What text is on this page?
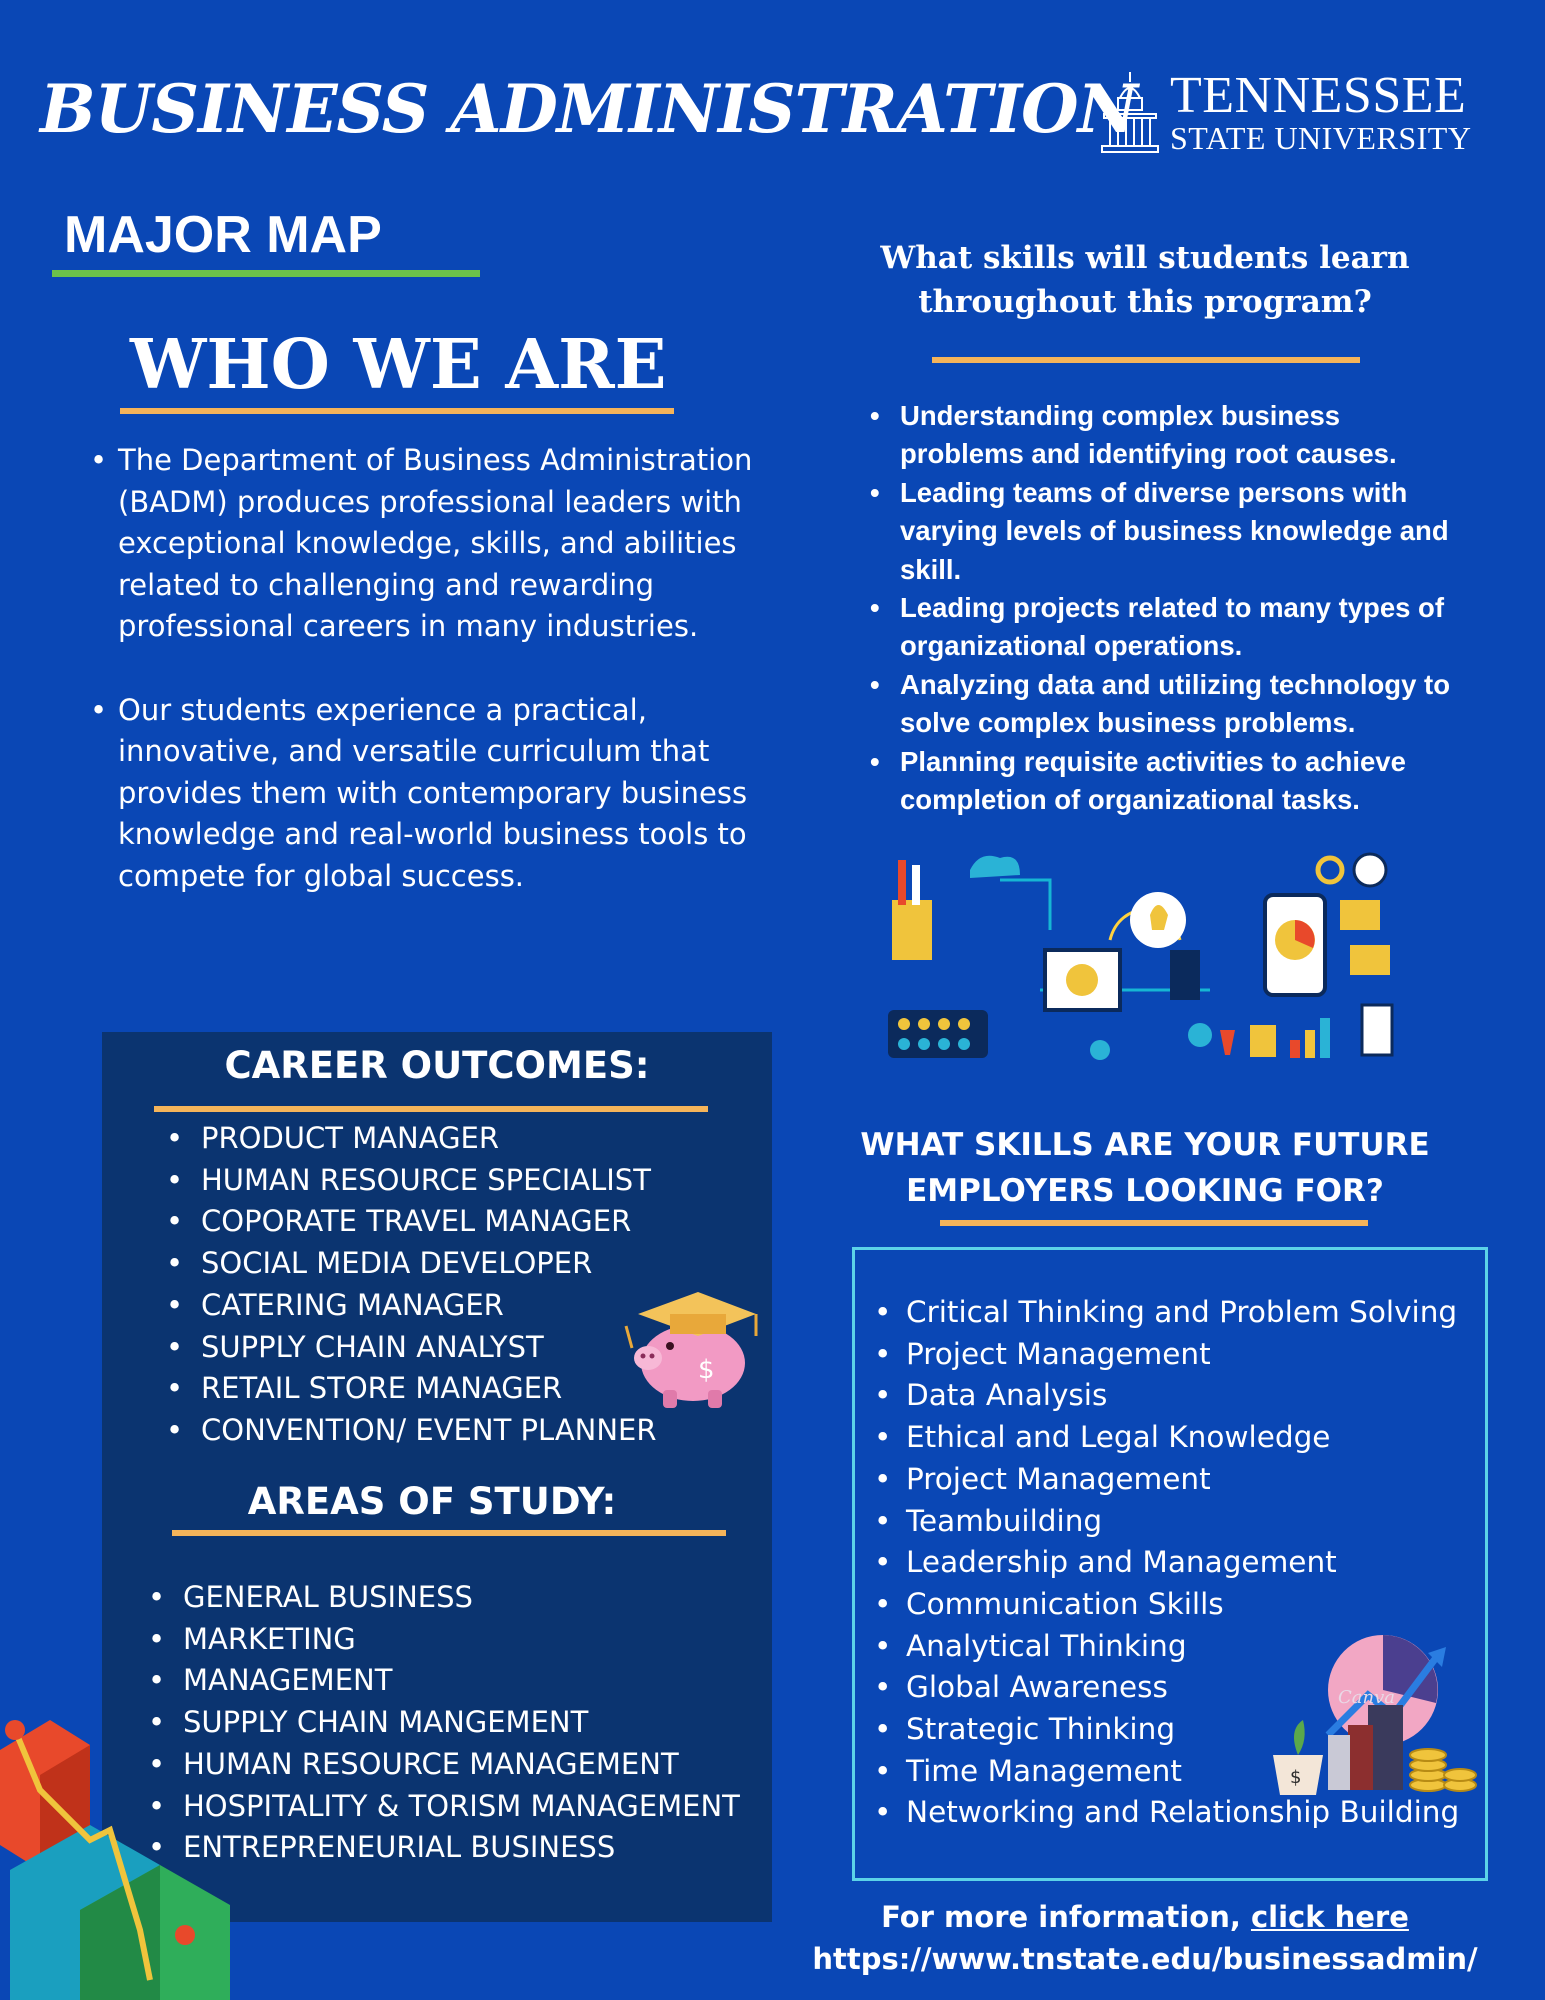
BUSINESS ADMINISTRATION TENNESSEE
STATE UNIVERSITY
MAJOR MAP
WHO WE ARE
• The Department of Business Administration (BADM) produces professional leaders with exceptional knowledge, skills, and abilities related to challenging and rewarding professional careers in many industries.
• Our students experience a practical, innovative, and versatile curriculum that provides them with contemporary business knowledge and real-world business tools to compete for global success.
What skills will students learn
throughout this program?
• Understanding complex business problems and identifying root causes.
• Leading teams of diverse persons with varying levels of business knowledge and skill.
• Leading projects related to many types of organizational operations.
• Analyzing data and utilizing technology to solve complex business problems.
• Planning requisite activities to achieve completion of organizational tasks.
WHAT SKILLS ARE YOUR FUTURE
EMPLOYERS LOOKING FOR?
• Critical Thinking and Problem Solving
• Project Management
• Data Analysis
• Ethical and Legal Knowledge
• Project Management
• Teambuilding
• Leadership and Management
• Communication Skills
• Analytical Thinking
• Global Awareness
• Strategic Thinking
• Time Management
• Networking and Relationship Building
$
Canva
CAREER OUTCOMES:
• PRODUCT MANAGER
• HUMAN RESOURCE SPECIALIST
• COPORATE TRAVEL MANAGER
• SOCIAL MEDIA DEVELOPER
• CATERING MANAGER
• SUPPLY CHAIN ANALYST
• RETAIL STORE MANAGER
• CONVENTION/ EVENT PLANNER
$
AREAS OF STUDY:
• GENERAL BUSINESS
• MARKETING
• MANAGEMENT
• SUPPLY CHAIN MANGEMENT
• HUMAN RESOURCE MANAGEMENT
• HOSPITALITY & TORISM MANAGEMENT
• ENTREPRENEURIAL BUSINESS
For more information, click here
https://www.tnstate.edu/businessadmin/
